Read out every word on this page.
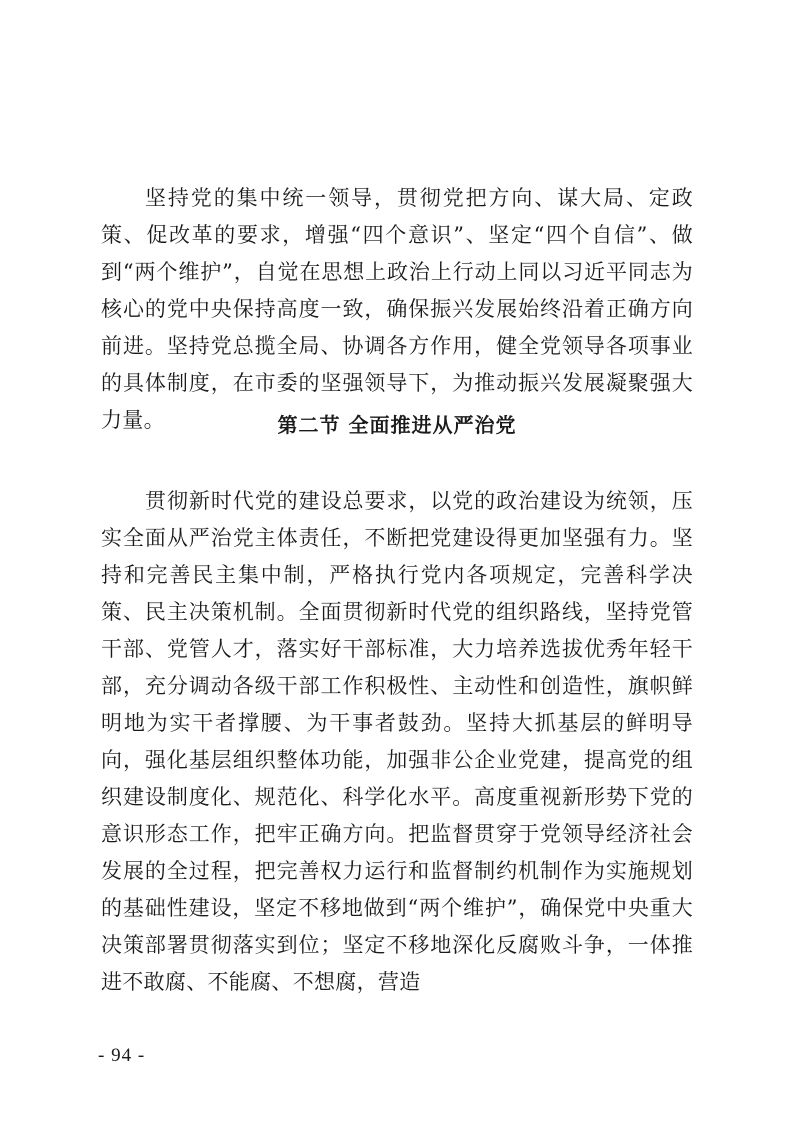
坚持党的集中统一领导，贯彻党把方向、谋大局、定政策、促改革的要求，增强“四个意识”、坚定“四个自信”、做到“两个维护”，自觉在思想上政治上行动上同以习近平同志为核心的党中央保持高度一致，确保振兴发展始终沿着正确方向前进。坚持党总揽全局、协调各方作用，健全党领导各项事业的具体制度，在市委的坚强领导下，为推动振兴发展凝聚强大力量。	第二节 全面推进从严治党

贯彻新时代党的建设总要求，以党的政治建设为统领，压实全面从严治党主体责任，不断把党建设得更加坚强有力。坚持和完善民主集中制，严格执行党内各项规定，完善科学决策、民主决策机制。全面贯彻新时代党的组织路线，坚持党管干部、党管人才，落实好干部标准，大力培养选拔优秀年轻干部，充分调动各级干部工作积极性、主动性和创造性，旗帜鲜明地为实干者撑腰、为干事者鼓劲。坚持大抓基层的鲜明导向，强化基层组织整体功能，加强非公企业党建，提高党的组织建设制度化、规范化、科学化水平。高度重视新形势下党的意识形态工作，把牢正确方向。把监督贯穿于党领导经济社会发展的全过程，把完善权力运行和监督制约机制作为实施规划的基础性建设，坚定不移地做到“两个维护”，确保党中央重大决策部署贯彻落实到位；坚定不移地深化反腐败斗争，一体推进不敢腐、不能腐、不想腐，营造

- 94 -
